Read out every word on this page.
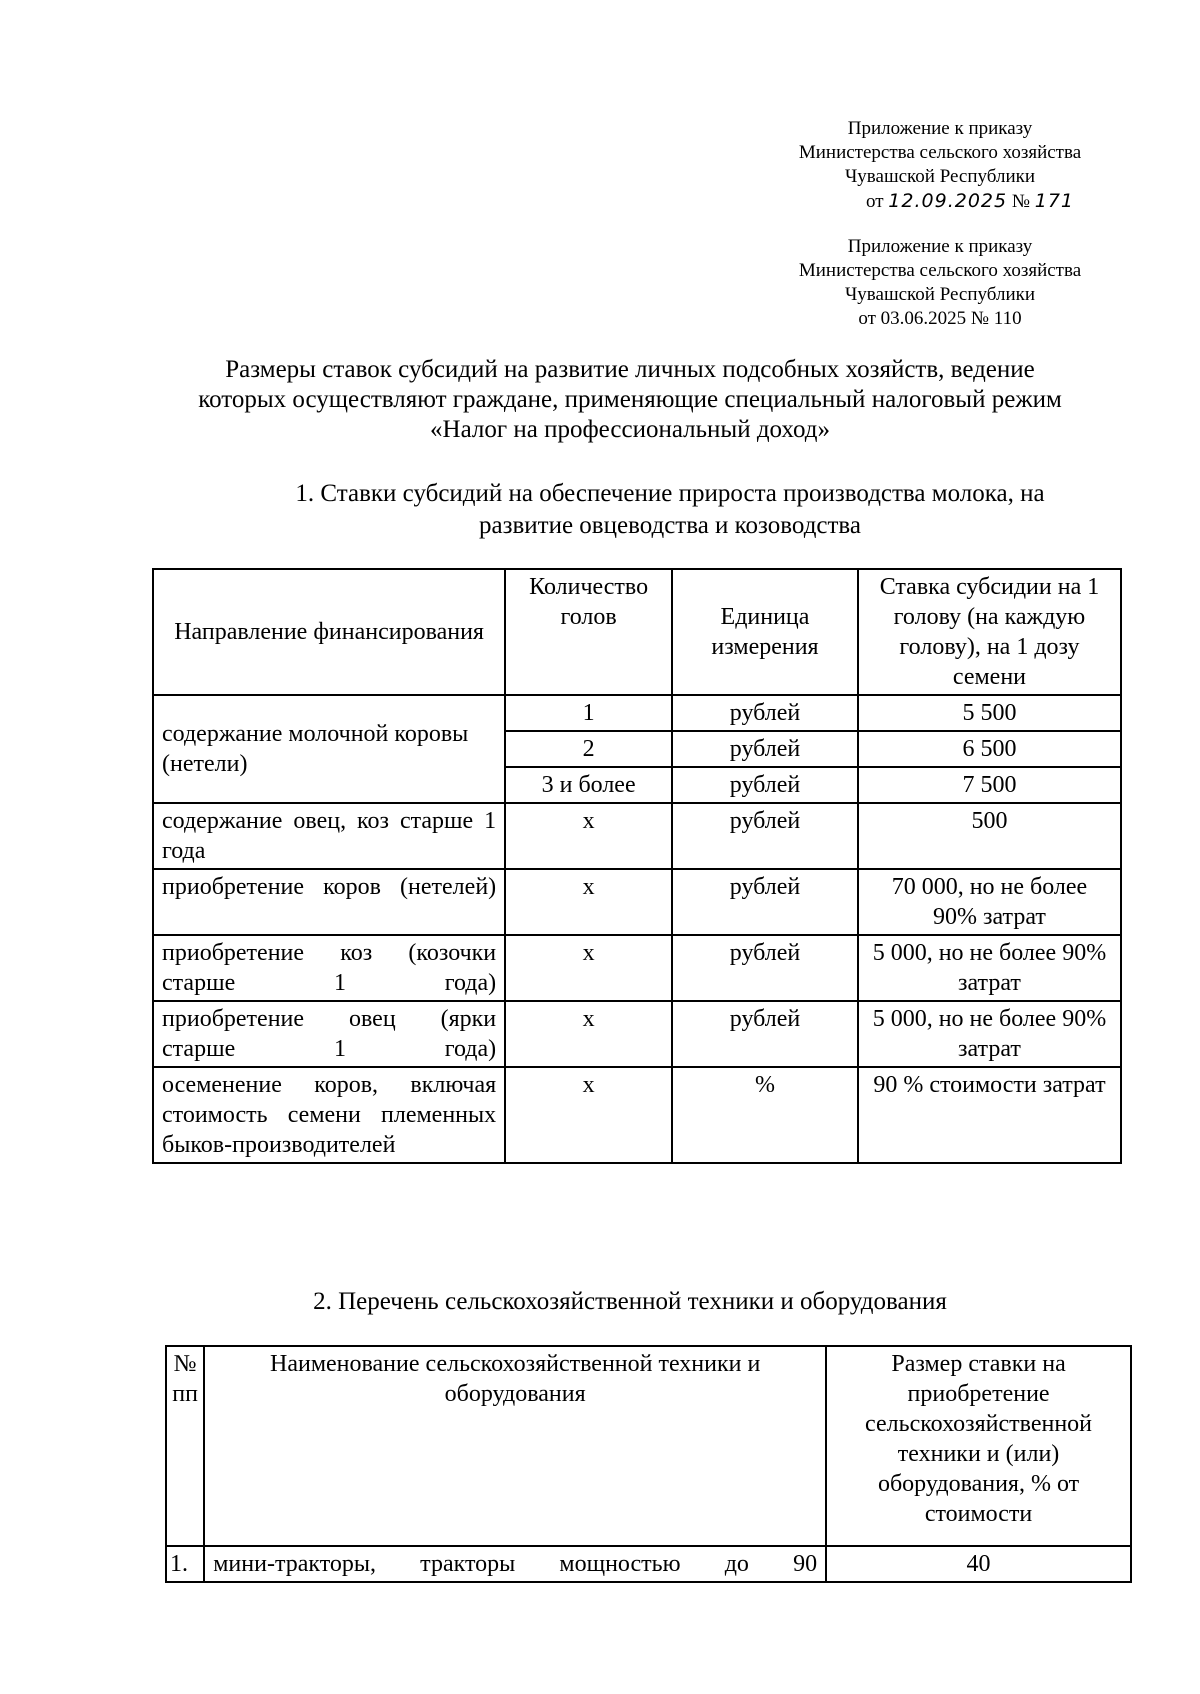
Приложение к приказу
Министерства сельского хозяйства
Чувашской Республики
от 12.09.2025 № 171
Приложение к приказу
Министерства сельского хозяйства
Чувашской Республики
от 03.06.2025 № 110
Размеры ставок субсидий на развитие личных подсобных хозяйств, ведение
которых осуществляют граждане, применяющие специальный налоговый режим
«Налог на профессиональный доход»
1. Ставки субсидий на обеспечение прироста производства молока, на
развитие овцеводства и козоводства
Направление финансирования	Количество голов	Единица измерения	Ставка субсидии на 1 голову (на каждую голову), на 1 дозу семени
содержание молочной коровы (нетели)	1	рублей	5 500
	2	рублей	6 500
	3 и более	рублей	7 500
содержание овец, коз старше 1 года	х	рублей	500
приобретение коров (нетелей)	х	рублей	70 000, но не более 90% затрат
приобретение коз (козочки старше 1 года)	х	рублей	5 000, но не более 90% затрат
приобретение овец (ярки старше 1 года)	х	рублей	5 000, но не более 90% затрат
осеменение коров, включая стоимость семени племенных быков-производителей	х	%	90 % стоимости затрат
2. Перечень сельскохозяйственной техники и оборудования
№ пп	Наименование сельскохозяйственной техники и оборудования	Размер ставки на приобретение сельскохозяйственной техники и (или) оборудования, % от стоимости
1.	мини-тракторы, тракторы мощностью до 90	40
